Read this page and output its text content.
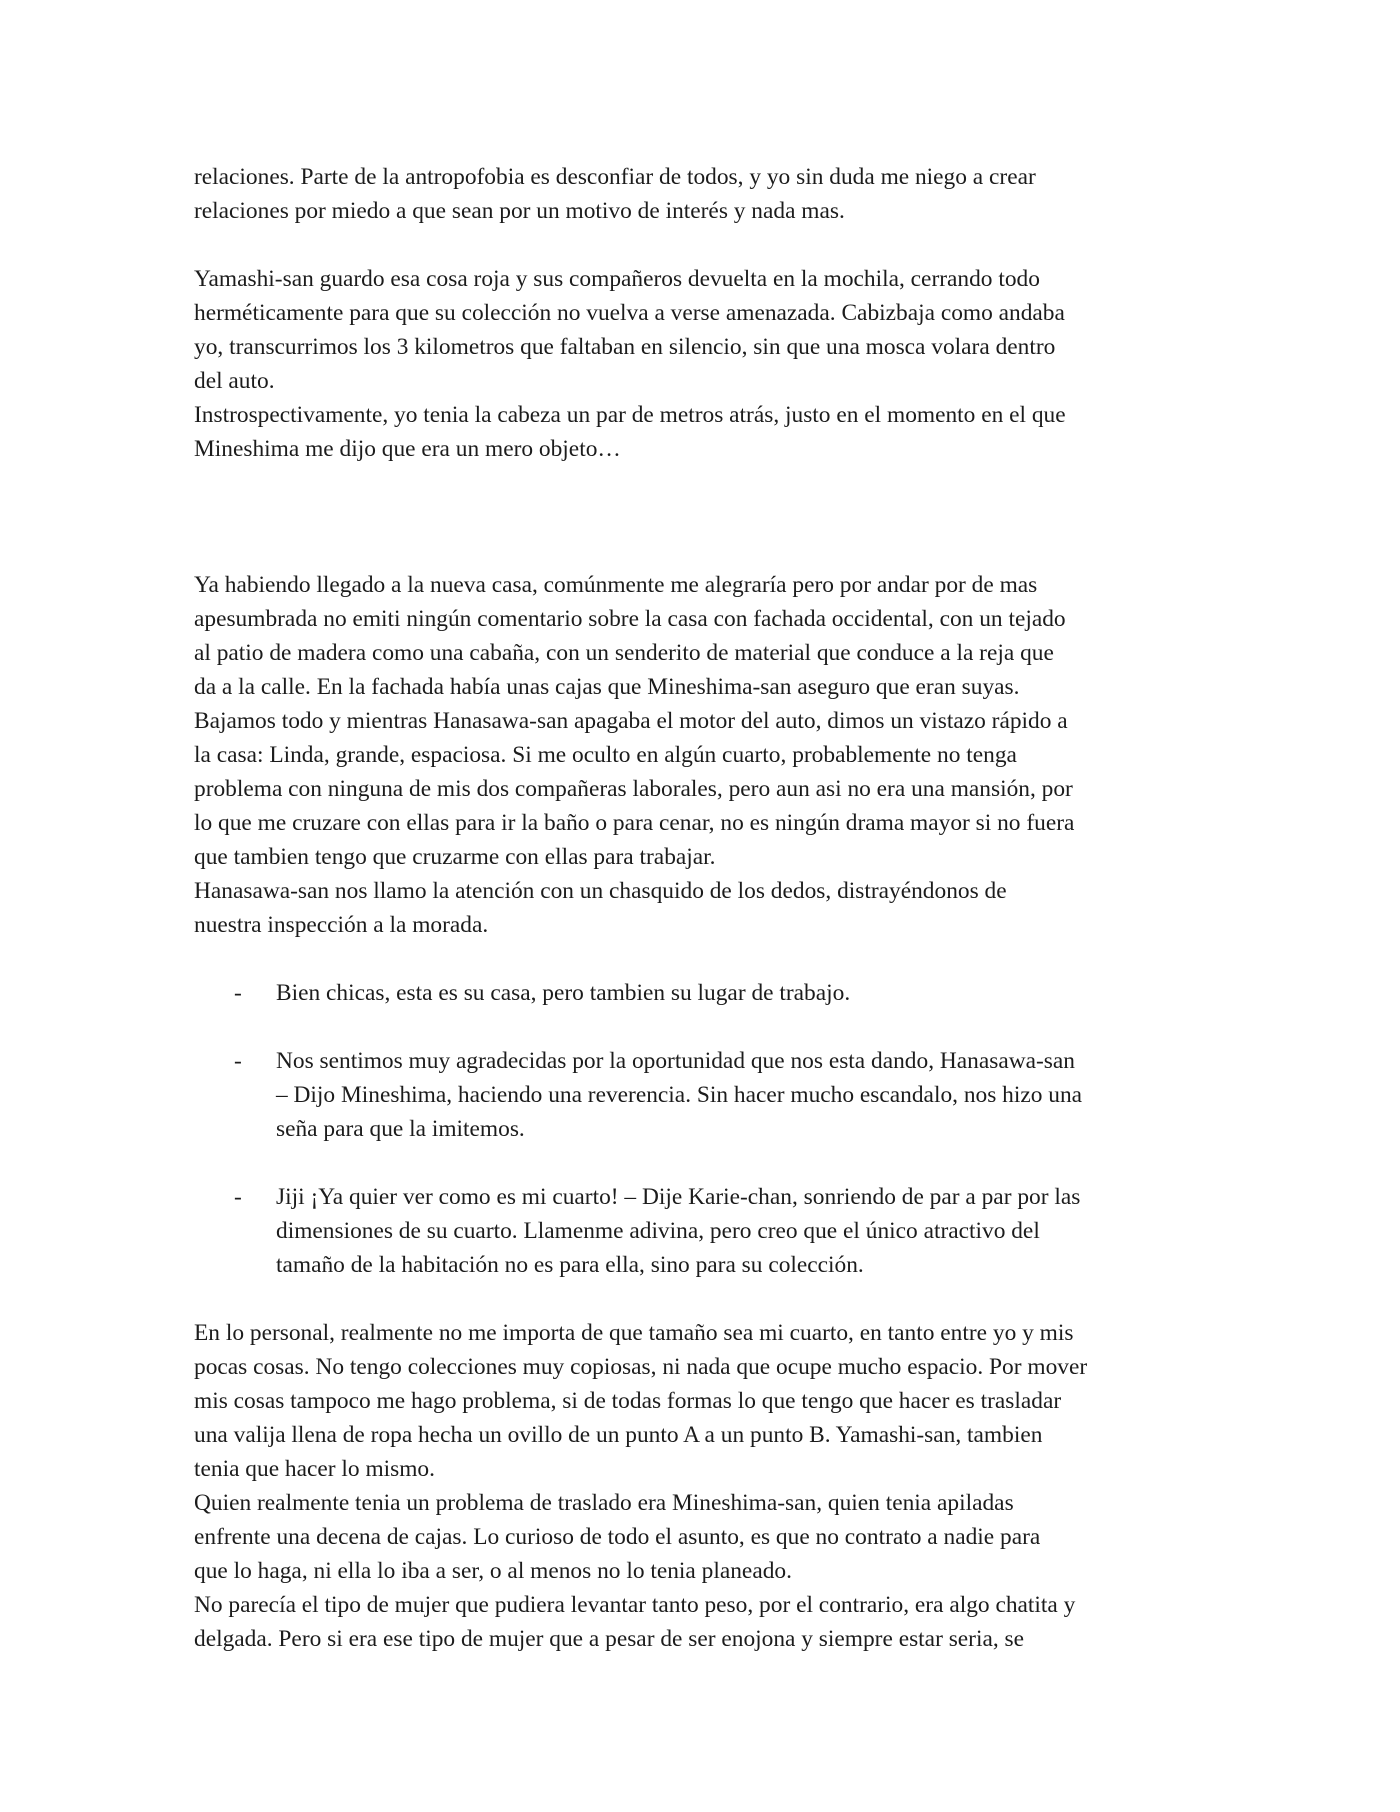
relaciones. Parte de la antropofobia es desconfiar de todos, y yo sin duda me niego a crear
relaciones por miedo a que sean por un motivo de interés y nada mas.

Yamashi-san guardo esa cosa roja y sus compañeros devuelta en la mochila, cerrando todo
herméticamente para que su colección no vuelva a verse amenazada. Cabizbaja como andaba
yo, transcurrimos los 3 kilometros que faltaban en silencio, sin que una mosca volara dentro
del auto.
Instrospectivamente, yo tenia la cabeza un par de metros atrás, justo en el momento en el que
Mineshima me dijo que era un mero objeto…

Ya habiendo llegado a la nueva casa, comúnmente me alegraría pero por andar por de mas
apesumbrada no emiti ningún comentario sobre la casa con fachada occidental, con un tejado
al patio de madera como una cabaña, con un senderito de material que conduce a la reja que
da a la calle. En la fachada había unas cajas que Mineshima-san aseguro que eran suyas.
Bajamos todo y mientras Hanasawa-san apagaba el motor del auto, dimos un vistazo rápido a
la casa: Linda, grande, espaciosa. Si me oculto en algún cuarto, probablemente no tenga
problema con ninguna de mis dos compañeras laborales, pero aun asi no era una mansión, por
lo que me cruzare con ellas para ir la baño o para cenar, no es ningún drama mayor si no fuera
que tambien tengo que cruzarme con ellas para trabajar.
Hanasawa-san nos llamo la atención con un chasquido de los dedos, distrayéndonos de
nuestra inspección a la morada.

- Bien chicas, esta es su casa, pero tambien su lugar de trabajo.
- Nos sentimos muy agradecidas por la oportunidad que nos esta dando, Hanasawa-san
– Dijo Mineshima, haciendo una reverencia. Sin hacer mucho escandalo, nos hizo una
seña para que la imitemos.
- Jiji ¡Ya quier ver como es mi cuarto! – Dije Karie-chan, sonriendo de par a par por las
dimensiones de su cuarto. Llamenme adivina, pero creo que el único atractivo del
tamaño de la habitación no es para ella, sino para su colección.

En lo personal, realmente no me importa de que tamaño sea mi cuarto, en tanto entre yo y mis
pocas cosas. No tengo colecciones muy copiosas, ni nada que ocupe mucho espacio. Por mover
mis cosas tampoco me hago problema, si de todas formas lo que tengo que hacer es trasladar
una valija llena de ropa hecha un ovillo de un punto A a un punto B. Yamashi-san, tambien
tenia que hacer lo mismo.
Quien realmente tenia un problema de traslado era Mineshima-san, quien tenia apiladas
enfrente una decena de cajas. Lo curioso de todo el asunto, es que no contrato a nadie para
que lo haga, ni ella lo iba a ser, o al menos no lo tenia planeado.
No parecía el tipo de mujer que pudiera levantar tanto peso, por el contrario, era algo chatita y
delgada. Pero si era ese tipo de mujer que a pesar de ser enojona y siempre estar seria, se
